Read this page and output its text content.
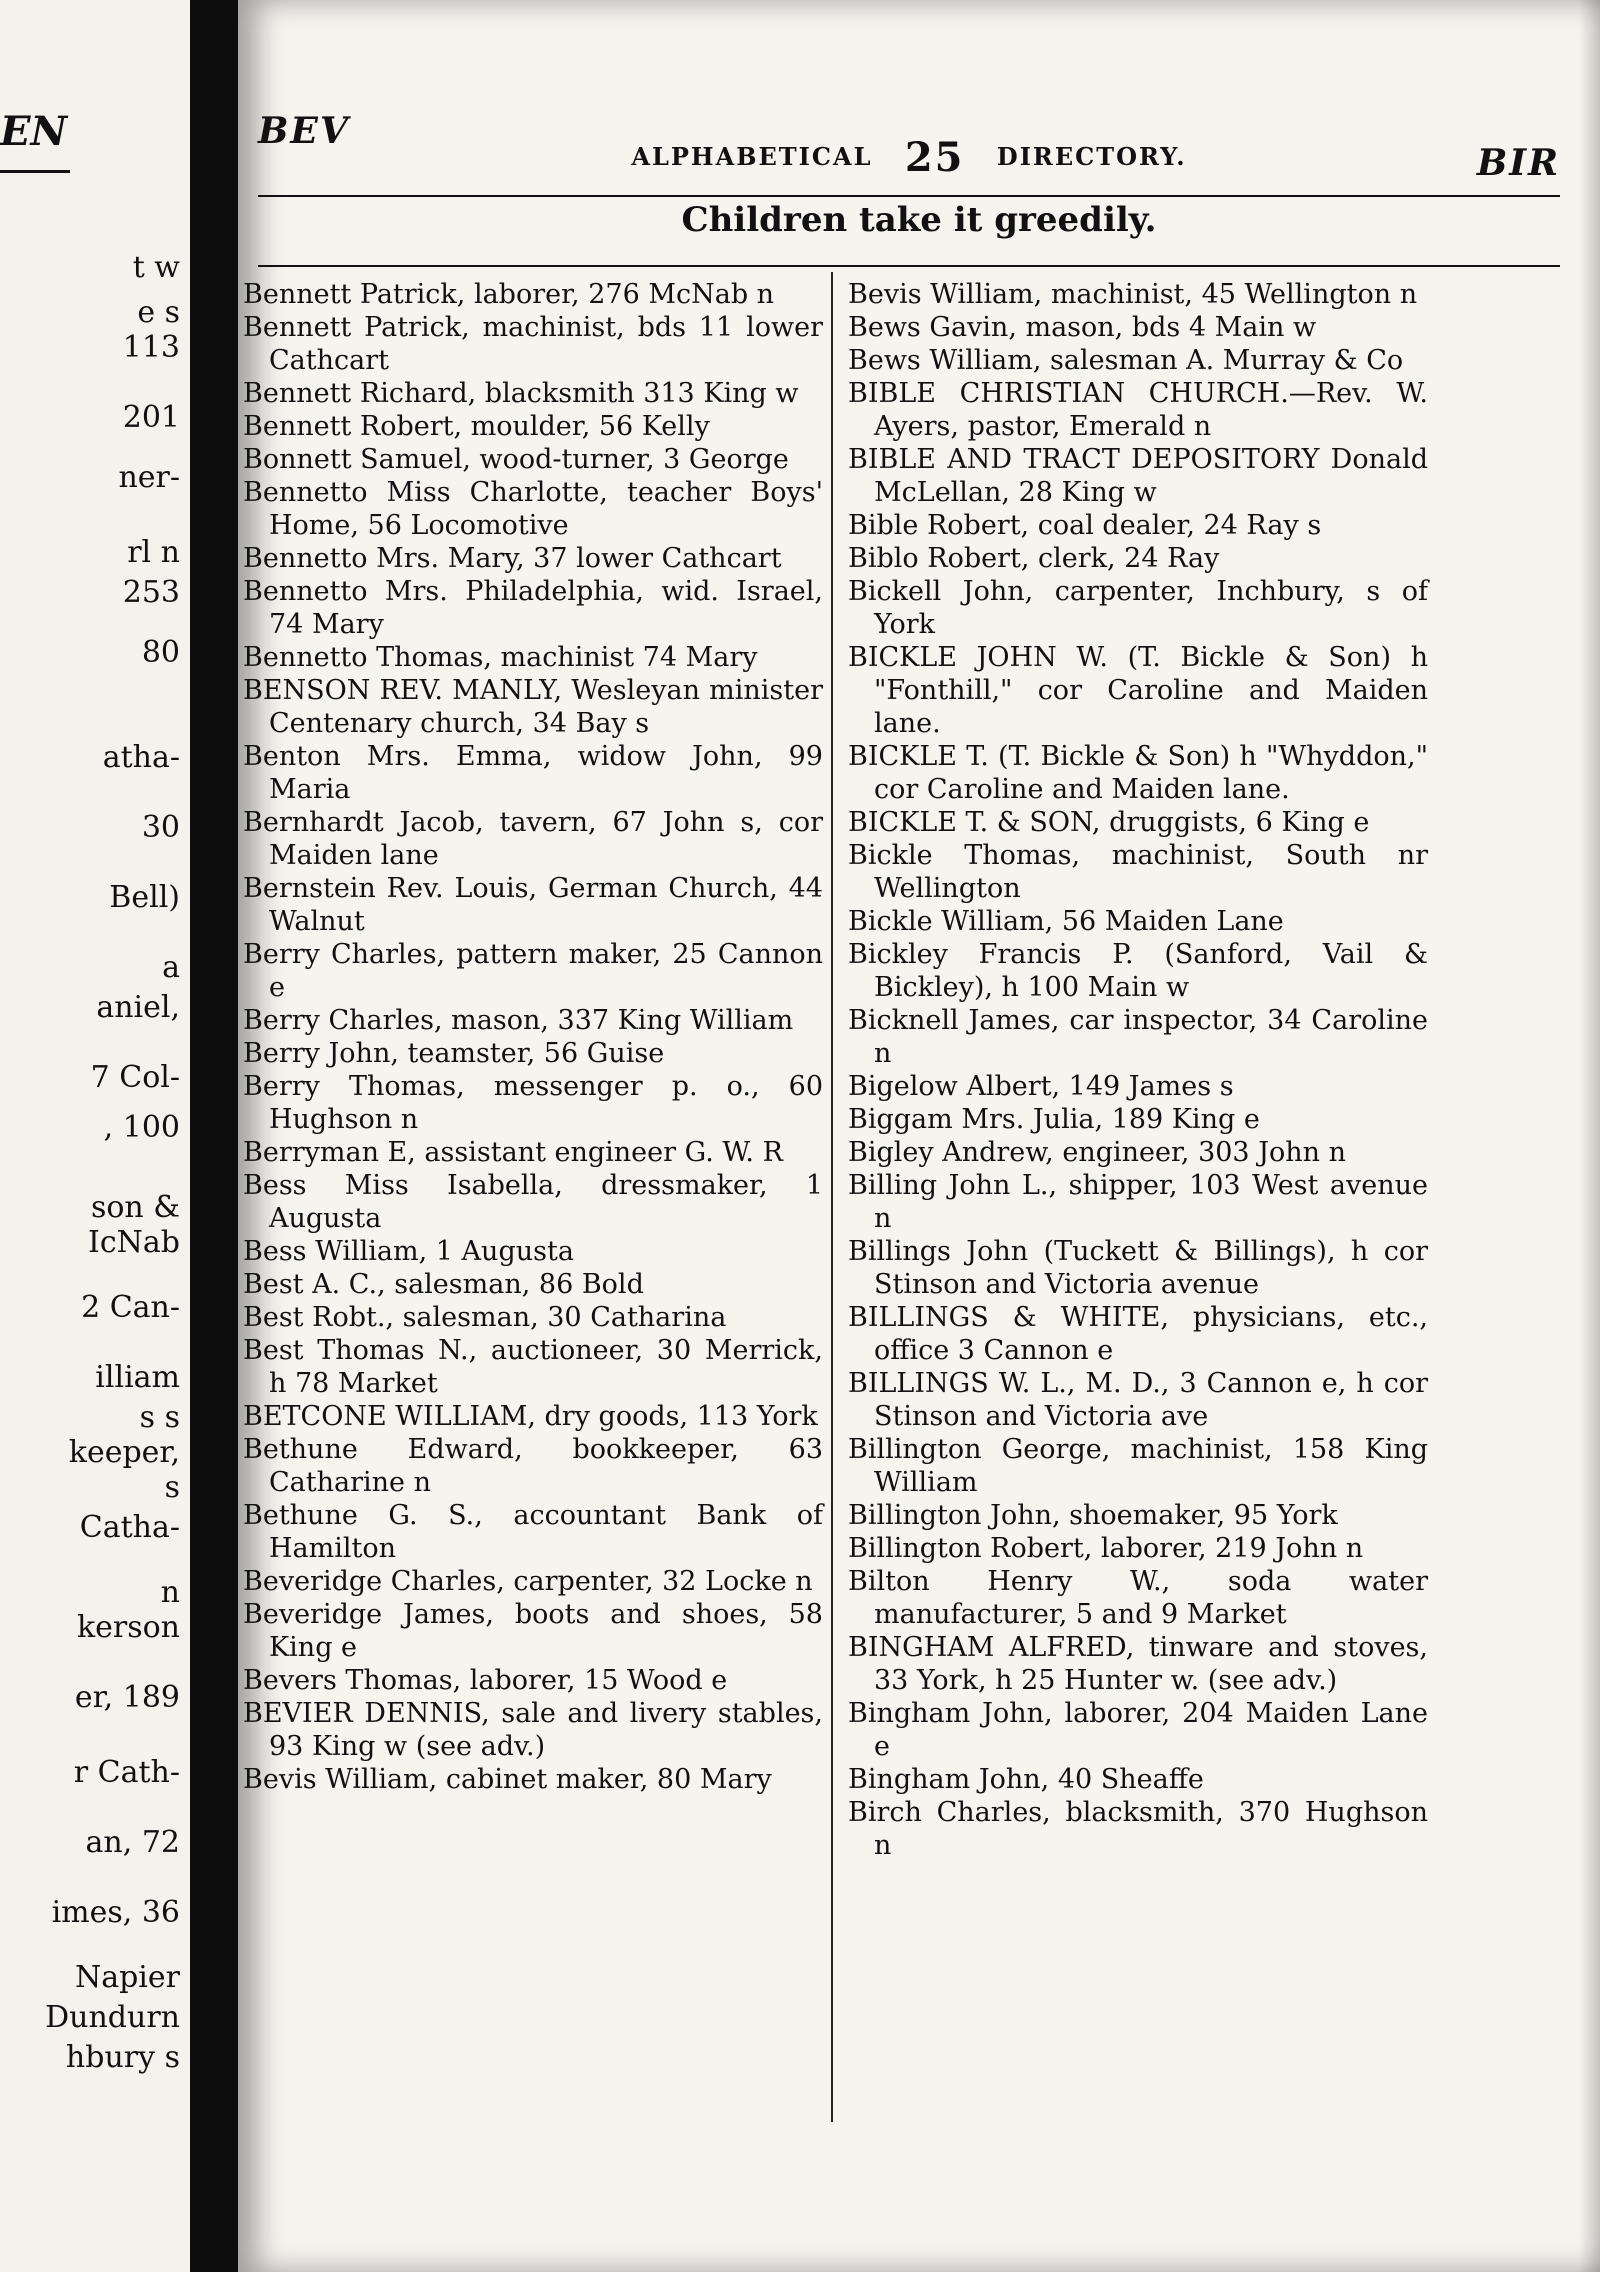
EN
t w
e s
113
201
ner-
rl n
253
80
atha-
30
Bell)
a
aniel,
7 Col-
, 100
son &
IcNab
2 Can-
illiam
s s
keeper,
s
Catha-
n
kerson
er, 189
r Cath-
an, 72
imes, 36
Napier
Dundurn
hbury s
BEV
ALPHABETICAL 25 DIRECTORY.	BIR
Children take it greedily.

Bennett Patrick, laborer, 276 McNab n

Bennett Patrick, machinist, bds 11 lower Cathcart

Bennett Richard, blacksmith 313 King w

Bennett Robert, moulder, 56 Kelly

Bonnett Samuel, wood-turner, 3 George

Bennetto Miss Charlotte, teacher Boys' Home, 56 Locomotive

Bennetto Mrs. Mary, 37 lower Cathcart

Bennetto Mrs. Philadelphia, wid. Israel, 74 Mary

Bennetto Thomas, machinist 74 Mary

BENSON REV. MANLY, Wesleyan minister Centenary church, 34 Bay s

Benton Mrs. Emma, widow John, 99 Maria

Bernhardt Jacob, tavern, 67 John s, cor Maiden lane

Bernstein Rev. Louis, German Church, 44 Walnut

Berry Charles, pattern maker, 25 Cannon e

Berry Charles, mason, 337 King William

Berry John, teamster, 56 Guise

Berry Thomas, messenger p. o., 60 Hughson n

Berryman E, assistant engineer G. W. R

Bess Miss Isabella, dressmaker, 1 Augusta

Bess William, 1 Augusta

Best A. C., salesman, 86 Bold

Best Robt., salesman, 30 Catharina

Best Thomas N., auctioneer, 30 Merrick, h 78 Market

BETCONE WILLIAM, dry goods, 113 York

Bethune Edward, bookkeeper, 63 Catharine n

Bethune G. S., accountant Bank of Hamilton

Beveridge Charles, carpenter, 32 Locke n

Beveridge James, boots and shoes, 58 King e

Bevers Thomas, laborer, 15 Wood e

BEVIER DENNIS, sale and livery stables, 93 King w (see adv.)

Bevis William, cabinet maker, 80 Mary

Bevis William, machinist, 45 Wellington n

Bews Gavin, mason, bds 4 Main w

Bews William, salesman A. Murray & Co

BIBLE CHRISTIAN CHURCH.—Rev. W. Ayers, pastor, Emerald n

BIBLE AND TRACT DEPOSITORY Donald McLellan, 28 King w

Bible Robert, coal dealer, 24 Ray s

Biblo Robert, clerk, 24 Ray

Bickell John, carpenter, Inchbury, s of York

BICKLE JOHN W. (T. Bickle & Son) h "Fonthill," cor Caroline and Maiden lane.

BICKLE T. (T. Bickle & Son) h "Whyddon," cor Caroline and Maiden lane.

BICKLE T. & SON, druggists, 6 King e

Bickle Thomas, machinist, South nr Wellington

Bickle William, 56 Maiden Lane

Bickley Francis P. (Sanford, Vail & Bickley), h 100 Main w

Bicknell James, car inspector, 34 Caroline n

Bigelow Albert, 149 James s

Biggam Mrs. Julia, 189 King e

Bigley Andrew, engineer, 303 John n

Billing John L., shipper, 103 West avenue n

Billings John (Tuckett & Billings), h cor Stinson and Victoria avenue

BILLINGS & WHITE, physicians, etc., office 3 Cannon e

BILLINGS W. L., M. D., 3 Cannon e, h cor Stinson and Victoria ave

Billington George, machinist, 158 King William

Billington John, shoemaker, 95 York

Billington Robert, laborer, 219 John n

Bilton Henry W., soda water manufacturer, 5 and 9 Market

BINGHAM ALFRED, tinware and stoves, 33 York, h 25 Hunter w. (see adv.)

Bingham John, laborer, 204 Maiden Lane e

Bingham John, 40 Sheaffe

Birch Charles, blacksmith, 370 Hughson n
